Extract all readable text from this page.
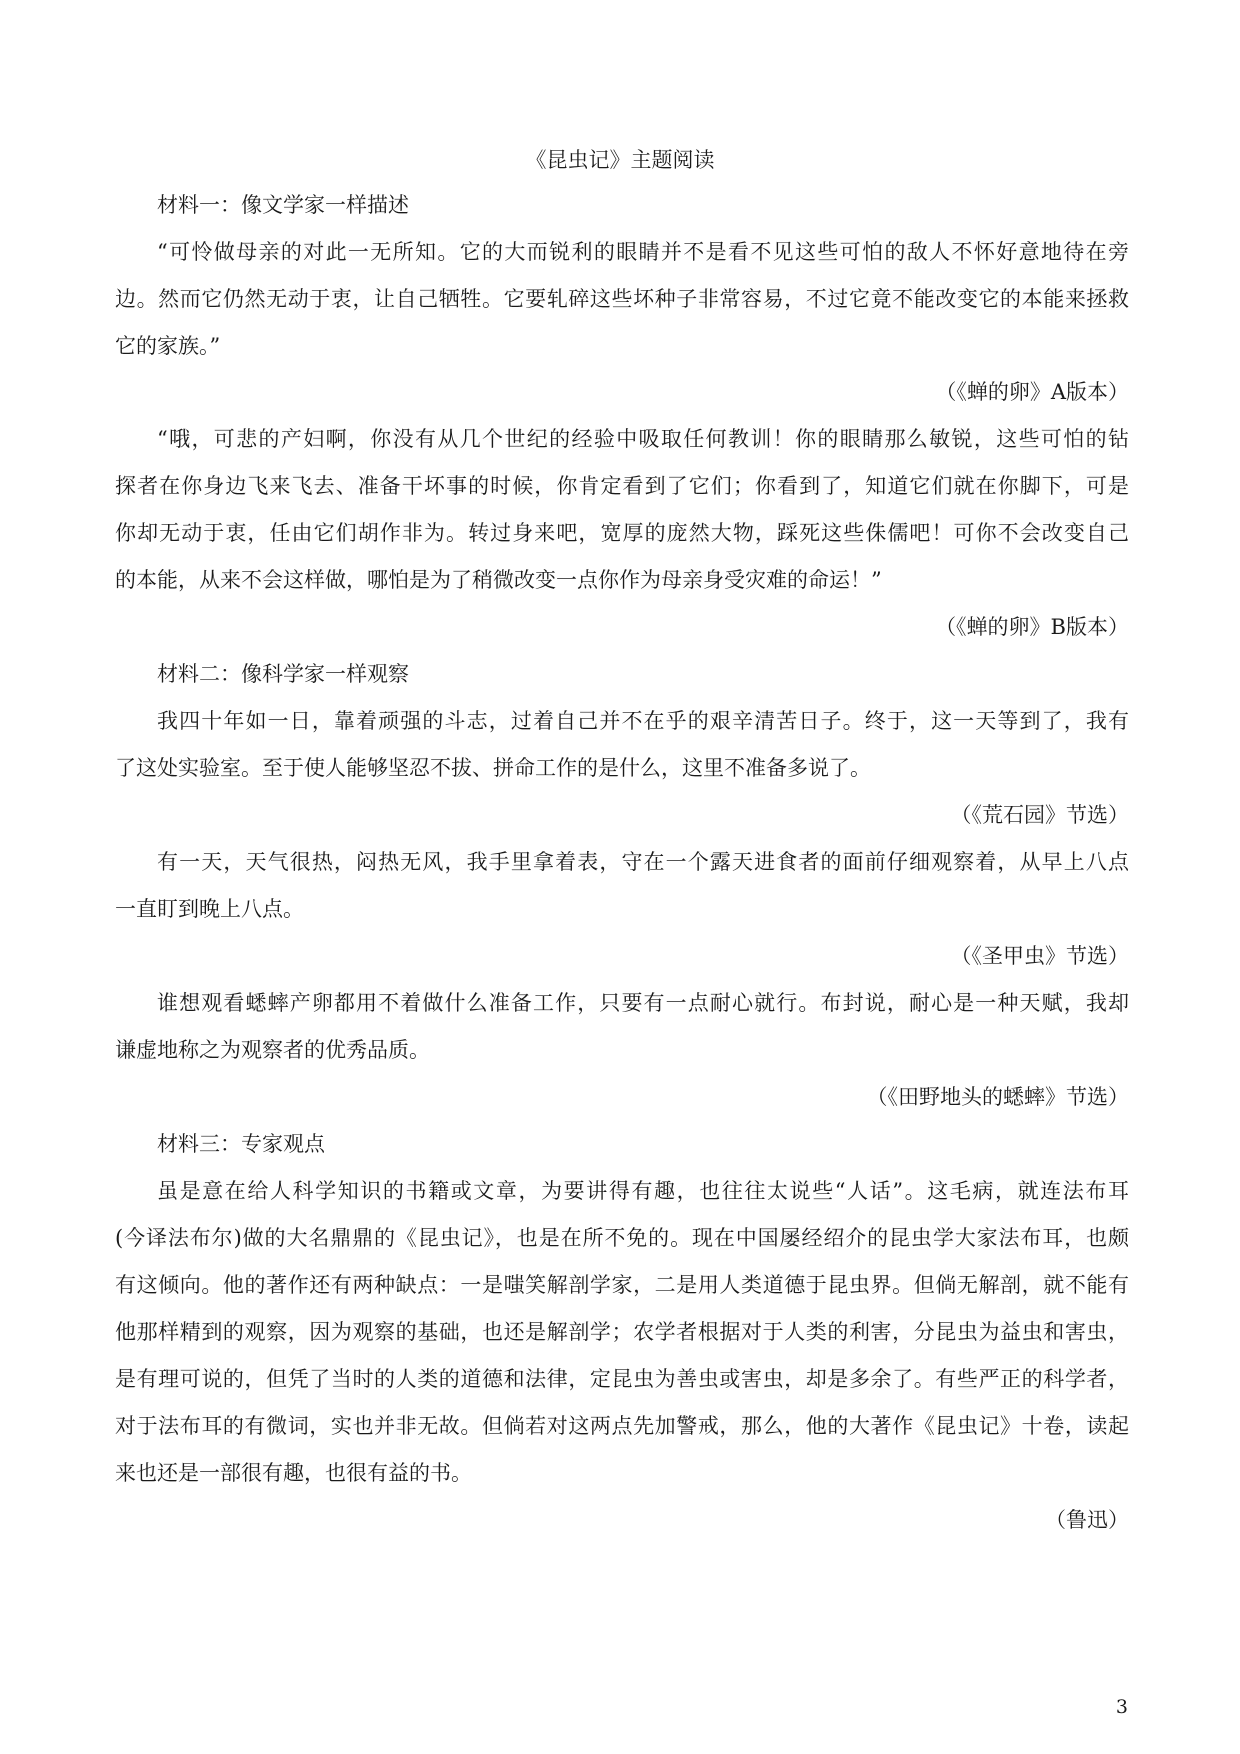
《昆虫记》主题阅读
材料一：像文学家一样描述
“可怜做母亲的对此一无所知。它的大而锐利的眼睛并不是看不见这些可怕的敌人不怀好意地待在旁
边。然而它仍然无动于衷，让自己牺牲。它要轧碎这些坏种子非常容易，不过它竟不能改变它的本能来拯救
它的家族。”
（《蝉的卵》A版本）
“哦，可悲的产妇啊，你没有从几个世纪的经验中吸取任何教训！你的眼睛那么敏锐，这些可怕的钻
探者在你身边飞来飞去、准备干坏事的时候，你肯定看到了它们；你看到了，知道它们就在你脚下，可是
你却无动于衷，任由它们胡作非为。转过身来吧，宽厚的庞然大物，踩死这些侏儒吧！可你不会改变自己
的本能，从来不会这样做，哪怕是为了稍微改变一点你作为母亲身受灾难的命运！”
（《蝉的卵》B版本）
材料二：像科学家一样观察
我四十年如一日，靠着顽强的斗志，过着自己并不在乎的艰辛清苦日子。终于，这一天等到了，我有
了这处实验室。至于使人能够坚忍不拔、拼命工作的是什么，这里不准备多说了。
（《荒石园》节选）
有一天，天气很热，闷热无风，我手里拿着表，守在一个露天进食者的面前仔细观察着，从早上八点
一直盯到晚上八点。
（《圣甲虫》节选）
谁想观看蟋蟀产卵都用不着做什么准备工作，只要有一点耐心就行。布封说，耐心是一种天赋，我却
谦虚地称之为观察者的优秀品质。
（《田野地头的蟋蟀》节选）
材料三：专家观点
虽是意在给人科学知识的书籍或文章，为要讲得有趣，也往往太说些“人话”。这毛病，就连法布耳
(今译法布尔)做的大名鼎鼎的《昆虫记》，也是在所不免的。现在中国屡经绍介的昆虫学大家法布耳，也颇
有这倾向。他的著作还有两种缺点：一是嗤笑解剖学家，二是用人类道德于昆虫界。但倘无解剖，就不能有
他那样精到的观察，因为观察的基础，也还是解剖学；农学者根据对于人类的利害，分昆虫为益虫和害虫，
是有理可说的，但凭了当时的人类的道德和法律，定昆虫为善虫或害虫，却是多余了。有些严正的科学者，
对于法布耳的有微词，实也并非无故。但倘若对这两点先加警戒，那么，他的大著作《昆虫记》十卷，读起
来也还是一部很有趣，也很有益的书。
（鲁迅）
3
